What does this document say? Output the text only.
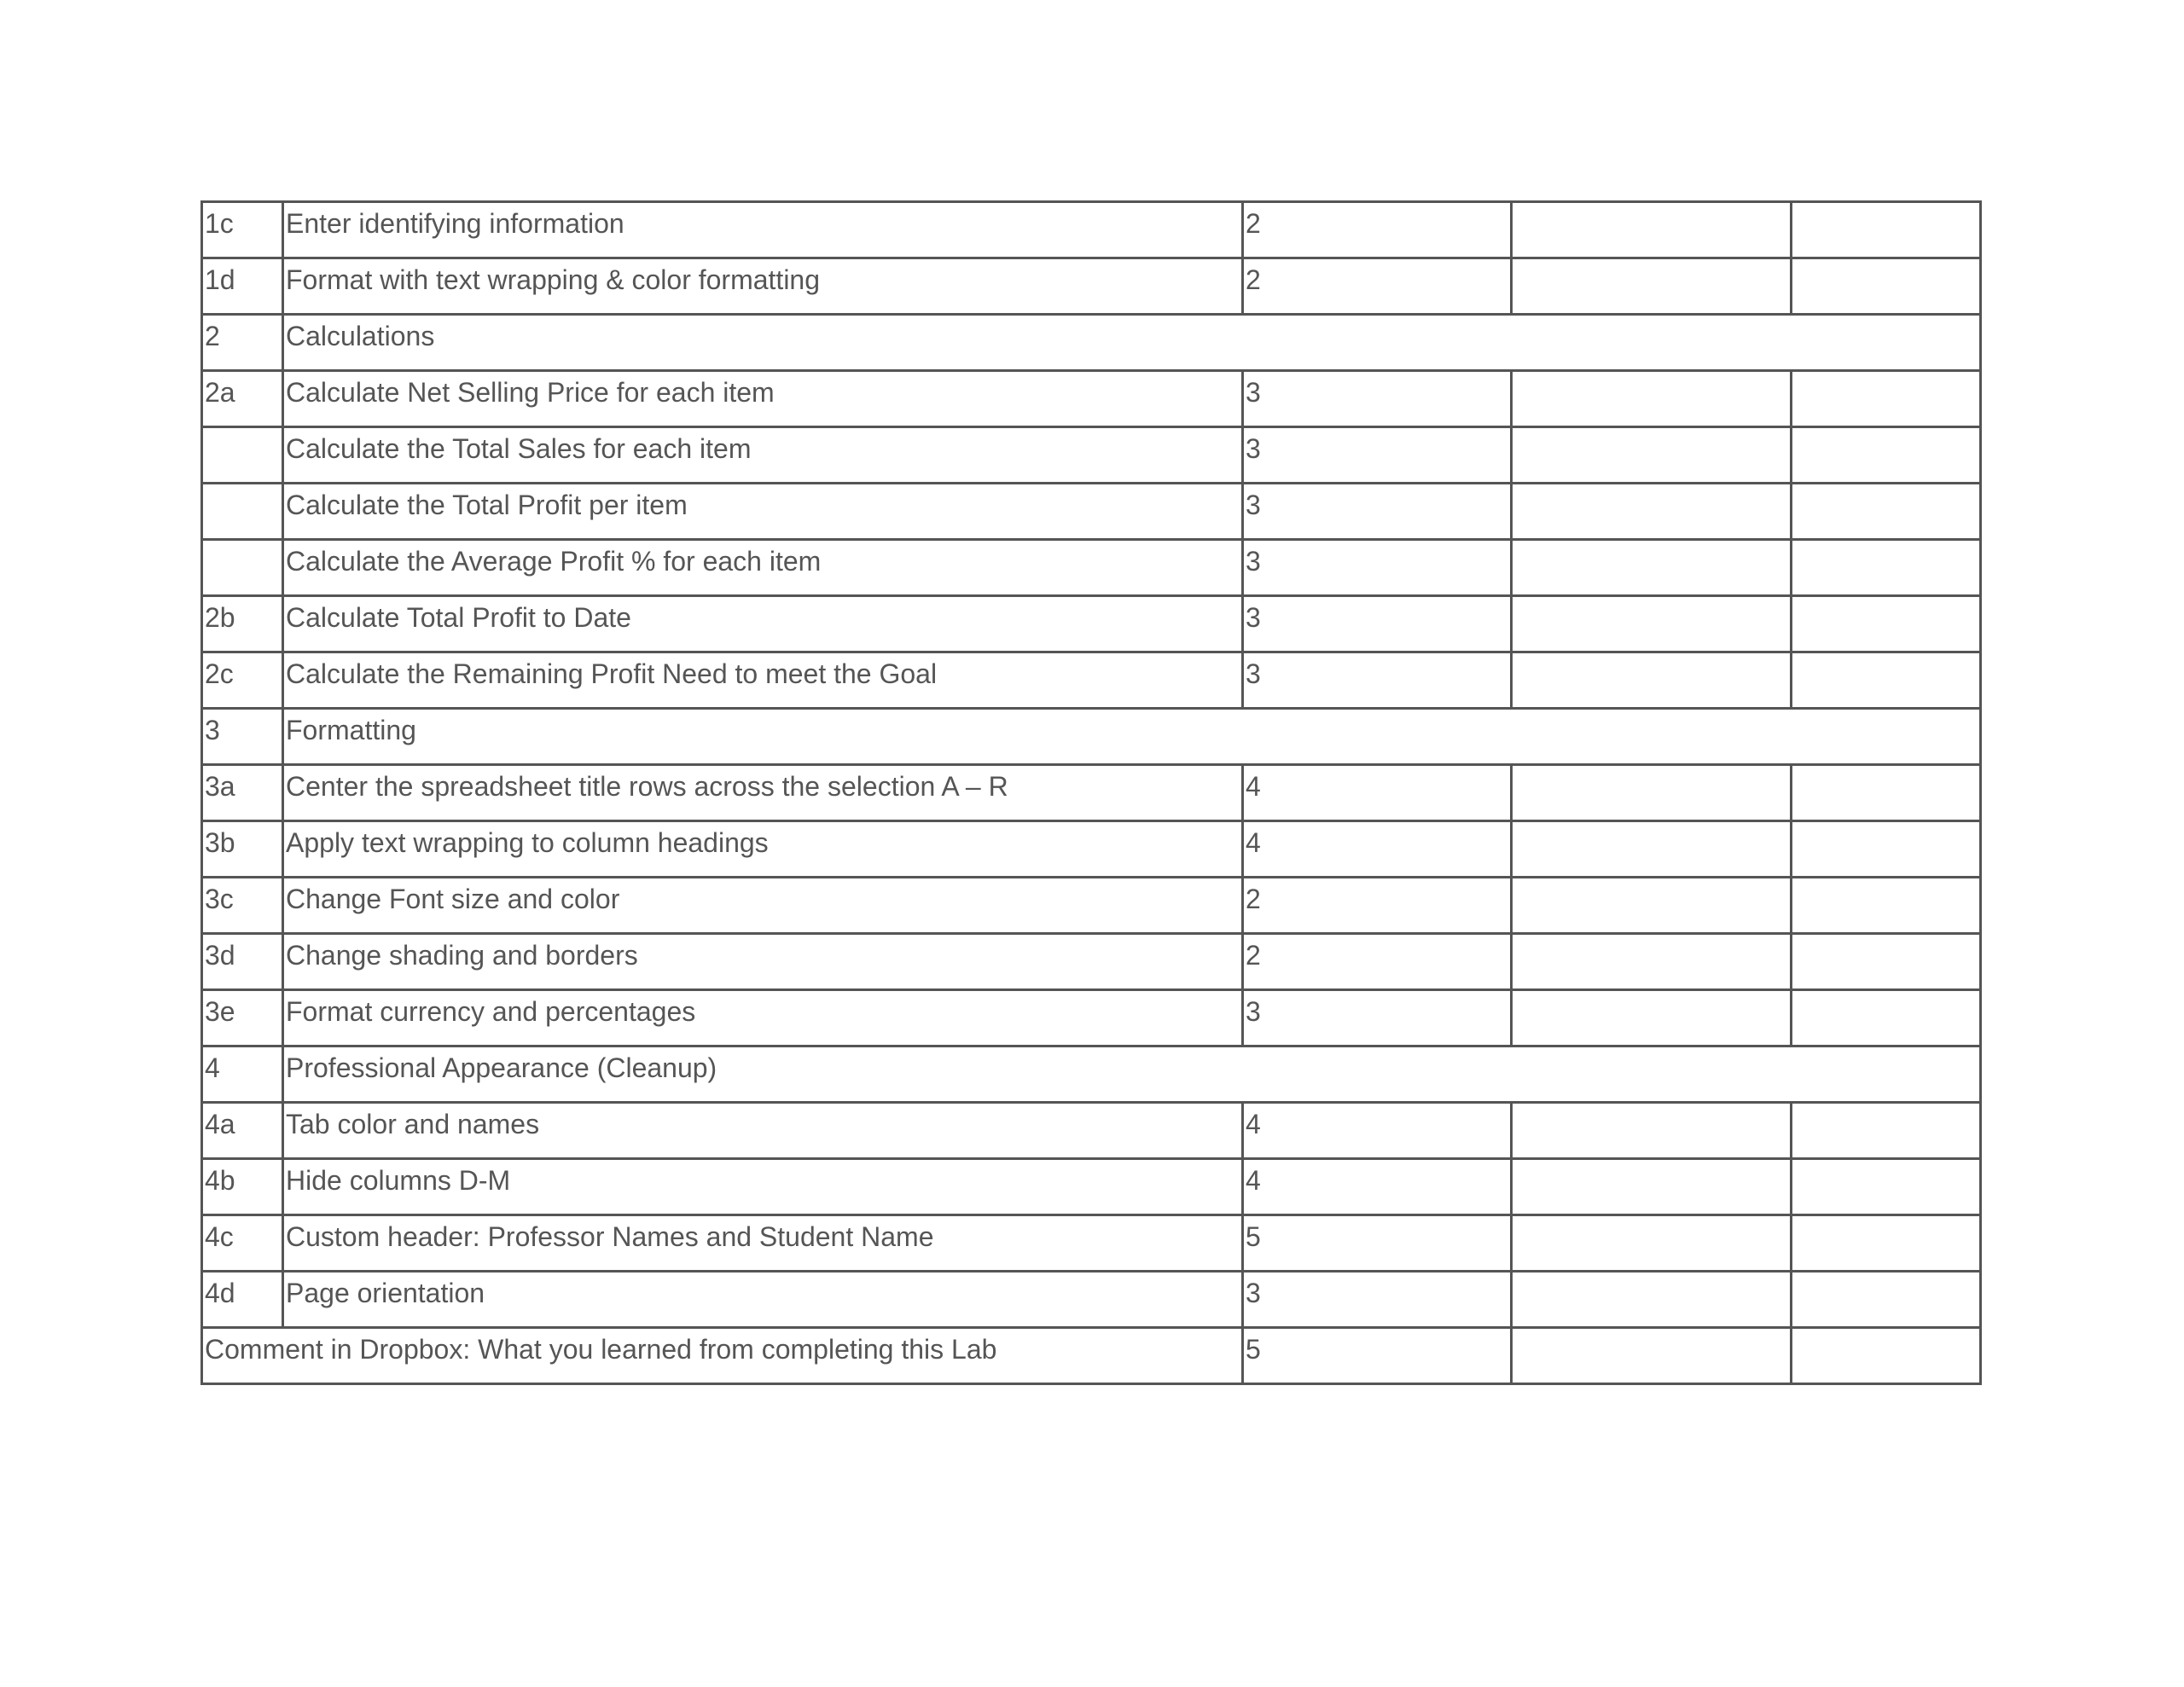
1c	Enter identifying information	2		

1d	Format with text wrapping & color formatting	2		

2	Calculations			

2a	Calculate Net Selling Price for each item	3		

	Calculate the Total Sales for each item	3		

	Calculate the Total Profit per item	3		

	Calculate the Average Profit % for each item	3		

2b	Calculate Total Profit to Date	3		

2c	Calculate the Remaining Profit Need to meet the Goal	3		

3	Formatting			

3a	Center the spreadsheet title rows across the selection A – R	4		

3b	Apply text wrapping to column headings	4		

3c	Change Font size and color	2		

3d	Change shading and borders	2		

3e	Format currency and percentages	3		

4	Professional Appearance (Cleanup)			

4a	Tab color and names	4		

4b	Hide columns D-M	4		

4c	Custom header: Professor Names and Student Name	5		

4d	Page orientation	3		

Comment in Dropbox: What you learned from completing this Lab		5		
